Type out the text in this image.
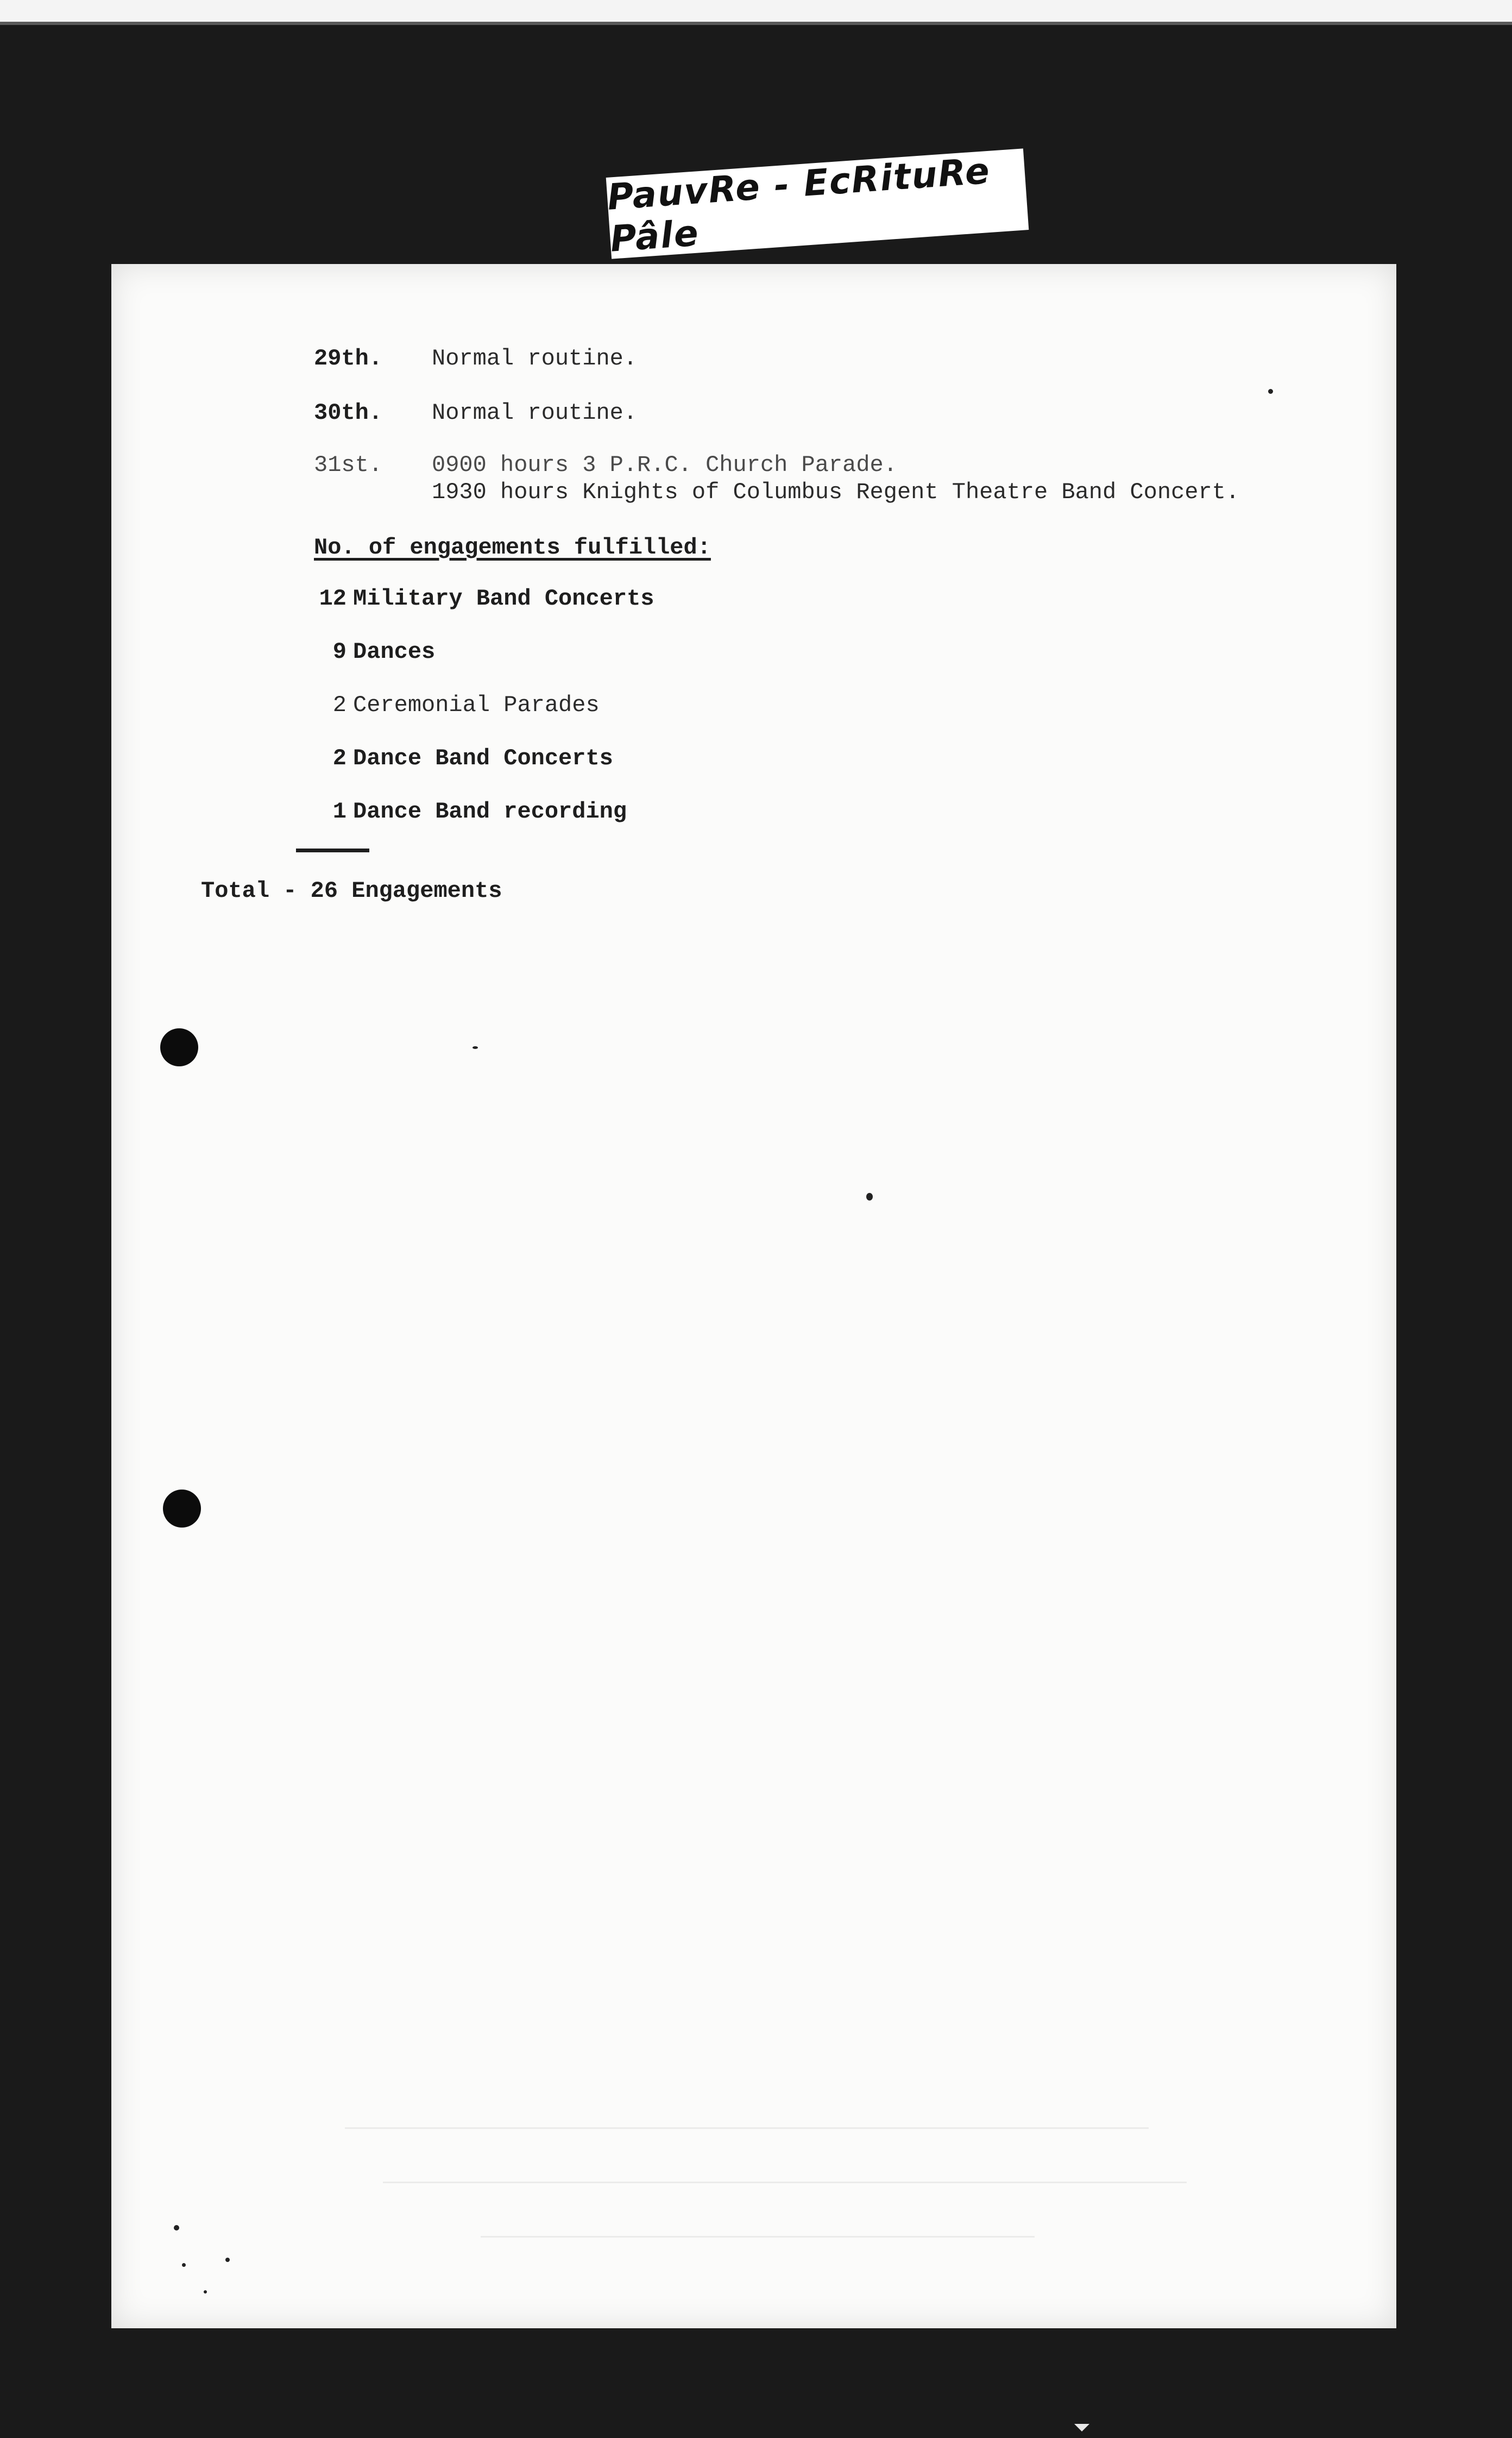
PauvRe - EcRituRe Pâle
29th. Normal routine.
30th. Normal routine.
31st. 0900 hours 3 P.R.C. Church Parade.
1930 hours Knights of Columbus Regent Theatre Band Concert.
No. of engagements fulfilled:
12 Military Band Concerts
9 Dances
2 Ceremonial Parades
2 Dance Band Concerts
1 Dance Band recording
Total - 26 Engagements
